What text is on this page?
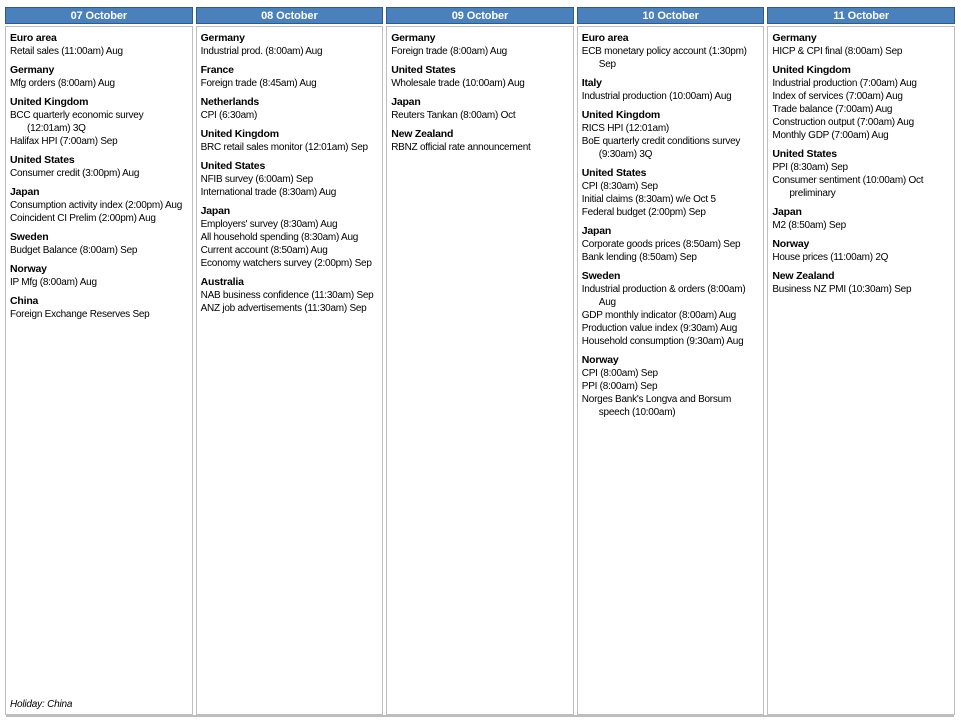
07 October
Euro area
Retail sales (11:00am) Aug
Germany
Mfg orders (8:00am) Aug
United Kingdom
BCC quarterly economic survey (12:01am) 3Q
Halifax HPI (7:00am) Sep
United States
Consumer credit (3:00pm) Aug
Japan
Consumption activity index (2:00pm) Aug
Coincident CI Prelim (2:00pm) Aug
Sweden
Budget Balance (8:00am) Sep
Norway
IP Mfg (8:00am) Aug
China
Foreign Exchange Reserves Sep
Holiday: China
08 October
Germany
Industrial prod. (8:00am) Aug
France
Foreign trade (8:45am) Aug
Netherlands
CPI (6:30am)
United Kingdom
BRC retail sales monitor (12:01am) Sep
United States
NFIB survey (6:00am) Sep
International trade (8:30am) Aug
Japan
Employers' survey (8:30am) Aug
All household spending (8:30am) Aug
Current account (8:50am) Aug
Economy watchers survey (2:00pm) Sep
Australia
NAB business confidence (11:30am) Sep
ANZ job advertisements (11:30am) Sep
09 October
Germany
Foreign trade (8:00am) Aug
United States
Wholesale trade (10:00am) Aug
Japan
Reuters Tankan (8:00am) Oct
New Zealand
RBNZ official rate announcement
10 October
Euro area
ECB monetary policy account (1:30pm) Sep
Italy
Industrial production (10:00am) Aug
United Kingdom
RICS HPI (12:01am)
BoE quarterly credit conditions survey (9:30am) 3Q
United States
CPI (8:30am) Sep
Initial claims (8:30am) w/e Oct 5
Federal budget (2:00pm) Sep
Japan
Corporate goods prices (8:50am) Sep
Bank lending (8:50am) Sep
Sweden
Industrial production & orders (8:00am) Aug
GDP monthly indicator (8:00am) Aug
Production value index (9:30am) Aug
Household consumption (9:30am) Aug
Norway
CPI (8:00am) Sep
PPI (8:00am) Sep
Norges Bank's Longva and Borsum speech (10:00am)
11 October
Germany
HICP & CPI final (8:00am) Sep
United Kingdom
Industrial production (7:00am) Aug
Index of services (7:00am) Aug
Trade balance (7:00am) Aug
Construction output (7:00am) Aug
Monthly GDP (7:00am) Aug
United States
PPI (8:30am) Sep
Consumer sentiment (10:00am) Oct preliminary
Japan
M2 (8:50am) Sep
Norway
House prices (11:00am) 2Q
New Zealand
Business NZ PMI (10:30am) Sep
